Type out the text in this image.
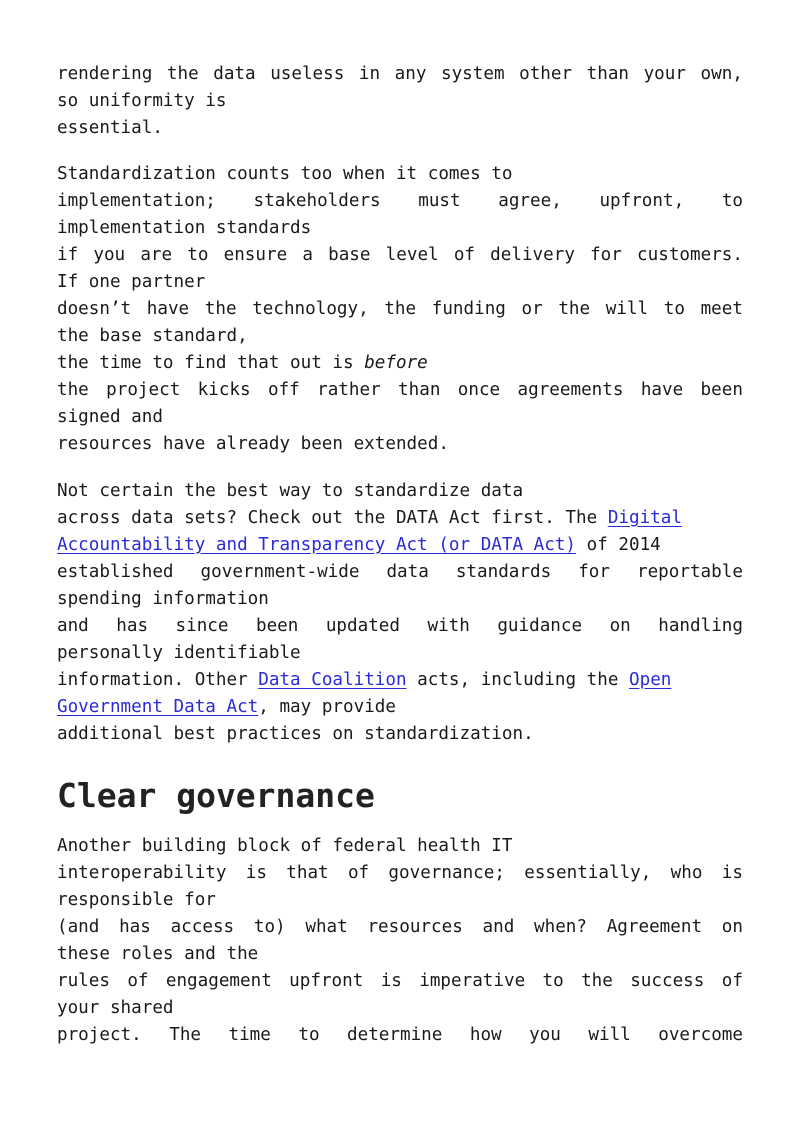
rendering the data useless in any system other than your own,
so uniformity is
essential.
Standardization counts too when it comes to
implementation; stakeholders must agree, upfront, to
implementation standards
if you are to ensure a base level of delivery for customers.
If one partner
doesn’t have the technology, the funding or the will to meet
the base standard,
the time to find that out is before
the project kicks off rather than once agreements have been
signed and
resources have already been extended.
Not certain the best way to standardize data
across data sets? Check out the DATA Act first. The Digital
Accountability and Transparency Act (or DATA Act) of 2014
established government-wide data standards for reportable
spending information
and has since been updated with guidance on handling
personally identifiable
information. Other Data Coalition acts, including the Open
Government Data Act, may provide
additional best practices on standardization.
Clear governance
Another building block of federal health IT
interoperability is that of governance; essentially, who is
responsible for
(and has access to) what resources and when? Agreement on
these roles and the
rules of engagement upfront is imperative to the success of
your shared
project. The time to determine how you will overcome
